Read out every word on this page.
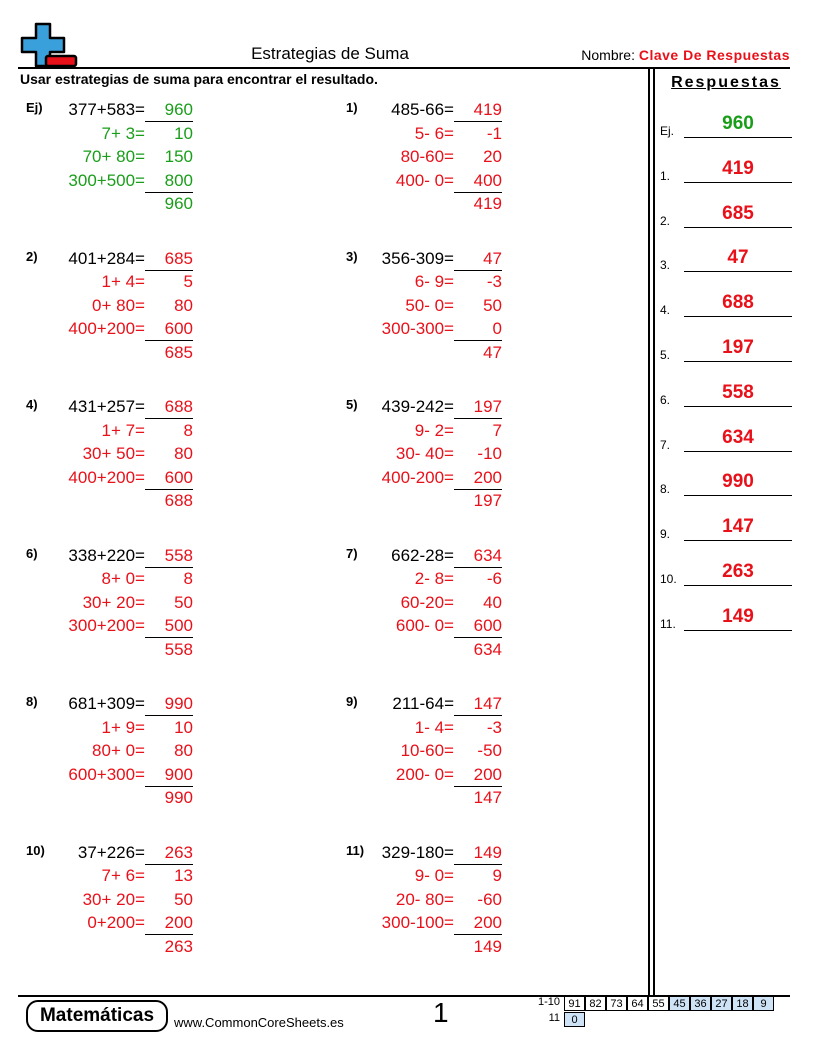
Estrategias de Suma	Nombre: Clave De Respuestas
Usar estrategias de suma para encontrar el resultado.	Respuestas
Ej.	960
1.	419
2.	685
3.	47
4.	688
5.	197
6.	558
7.	634
8.	990
9.	147
10.	263
11.	149
Ej) 377+583=	960
7+ 3=	10
70+ 80=	150
300+500=	800
960
1) 485-66=	419
5- 6=	-1
80-60=	20
400- 0=	400
419
2) 401+284=	685
1+ 4=	5
0+ 80=	80
400+200=	600
685
3) 356-309=	47
6- 9=	-3
50- 0=	50
300-300=	0
47
4) 431+257=	688
1+ 7=	8
30+ 50=	80
400+200=	600
688
5) 439-242=	197
9- 2=	7
30- 40=	-10
400-200=	200
197
6) 338+220=	558
8+ 0=	8
30+ 20=	50
300+200=	500
558
7) 662-28=	634
2- 8=	-6
60-20=	40
600- 0=	600
634
8) 681+309=	990
1+ 9=	10
80+ 0=	80
600+300=	900
990
9) 211-64=	147
1- 4=	-3
10-60=	-50
200- 0=	200
147
10) 37+226=	263
7+ 6=	13
30+ 20=	50
0+200=	200
263
11) 329-180=	149
9- 0=	9
20- 80=	-60
300-100=	200
149
Matemáticas	www.CommonCoreSheets.es	1	1-10 91 82 73 64 55 45 36 27 18	9
11	0
